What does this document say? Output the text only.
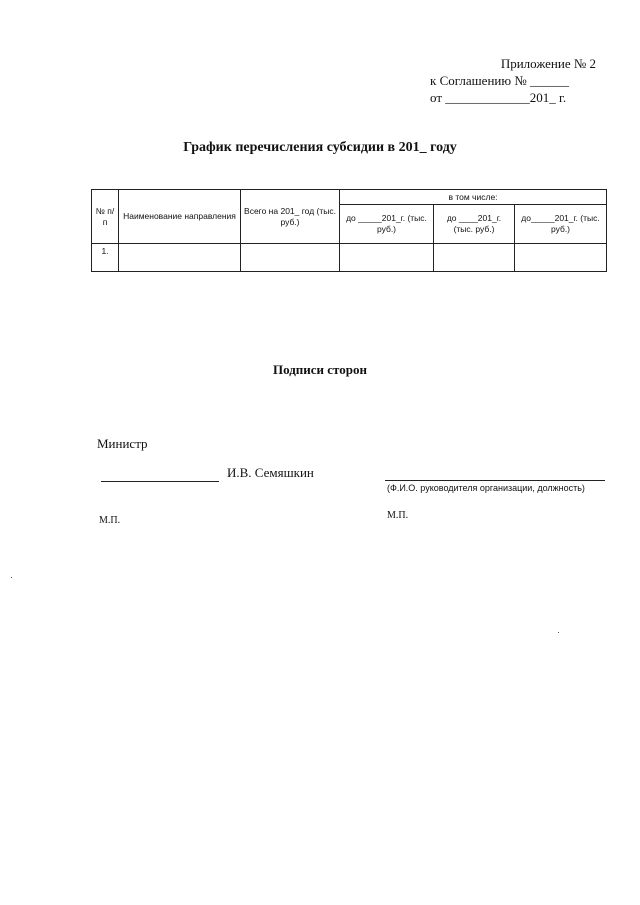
Приложение № 2
к Соглашению № ______
от _____________201_ г.
График перечисления субсидии в 201_ году
№ п/п	Наименование направления	Всего на 201_ год (тыс. руб.)	в том числе:		
			до _____201_г. (тыс. руб.)	до ____201_г. (тыс. руб.)	до_____201_г. (тыс. руб.)
1.					
Подписи сторон
Министр
И.В. Семяшкин
(Ф.И.О. руководителя организации, должность)
М.П.	М.П.
